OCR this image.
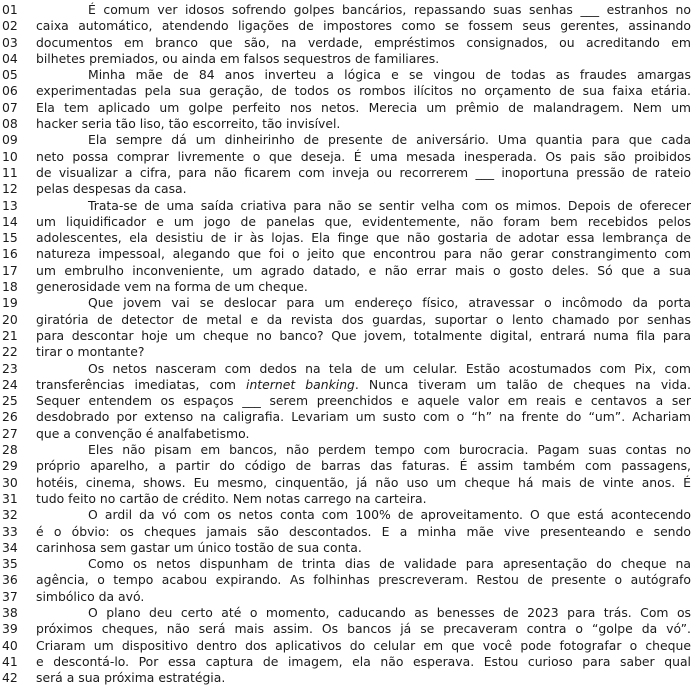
01	É comum ver idosos sofrendo golpes bancários, repassando suas senhas ___ estranhos no
02	caixa automático, atendendo ligações de impostores como se fossem seus gerentes, assinando
03	documentos em branco que são, na verdade, empréstimos consignados, ou acreditando em
04	bilhetes premiados, ou ainda em falsos sequestros de familiares.
05	Minha mãe de 84 anos inverteu a lógica e se vingou de todas as fraudes amargas
06	experimentadas pela sua geração, de todos os rombos ilícitos no orçamento de sua faixa etária.
07	Ela tem aplicado um golpe perfeito nos netos. Merecia um prêmio de malandragem. Nem um
08	hacker seria tão liso, tão escorreito, tão invisível.
09	Ela sempre dá um dinheirinho de presente de aniversário. Uma quantia para que cada
10	neto possa comprar livremente o que deseja. É uma mesada inesperada. Os pais são proibidos
11	de visualizar a cifra, para não ficarem com inveja ou recorrerem ___ inoportuna pressão de rateio
12	pelas despesas da casa.
13	Trata-se de uma saída criativa para não se sentir velha com os mimos. Depois de oferecer
14	um liquidificador e um jogo de panelas que, evidentemente, não foram bem recebidos pelos
15	adolescentes, ela desistiu de ir às lojas. Ela finge que não gostaria de adotar essa lembrança de
16	natureza impessoal, alegando que foi o jeito que encontrou para não gerar constrangimento com
17	um embrulho inconveniente, um agrado datado, e não errar mais o gosto deles. Só que a sua
18	generosidade vem na forma de um cheque.
19	Que jovem vai se deslocar para um endereço físico, atravessar o incômodo da porta
20	giratória de detector de metal e da revista dos guardas, suportar o lento chamado por senhas
21	para descontar hoje um cheque no banco? Que jovem, totalmente digital, entrará numa fila para
22	tirar o montante?
23	Os netos nasceram com dedos na tela de um celular. Estão acostumados com Pix, com
24	transferências imediatas, com internet banking. Nunca tiveram um talão de cheques na vida.
25	Sequer entendem os espaços ___ serem preenchidos e aquele valor em reais e centavos a ser
26	desdobrado por extenso na caligrafia. Levariam um susto com o “h” na frente do “um”. Achariam
27	que a convenção é analfabetismo.
28	Eles não pisam em bancos, não perdem tempo com burocracia. Pagam suas contas no
29	próprio aparelho, a partir do código de barras das faturas. É assim também com passagens,
30	hotéis, cinema, shows. Eu mesmo, cinquentão, já não uso um cheque há mais de vinte anos. É
31	tudo feito no cartão de crédito. Nem notas carrego na carteira.
32	O ardil da vó com os netos conta com 100% de aproveitamento. O que está acontecendo
33	é o óbvio: os cheques jamais são descontados. E a minha mãe vive presenteando e sendo
34	carinhosa sem gastar um único tostão de sua conta.
35	Como os netos dispunham de trinta dias de validade para apresentação do cheque na
36	agência, o tempo acabou expirando. As folhinhas prescreveram. Restou de presente o autógrafo
37	simbólico da avó.
38	O plano deu certo até o momento, caducando as benesses de 2023 para trás. Com os
39	próximos cheques, não será mais assim. Os bancos já se precaveram contra o “golpe da vó”.
40	Criaram um dispositivo dentro dos aplicativos do celular em que você pode fotografar o cheque
41	e descontá-lo. Por essa captura de imagem, ela não esperava. Estou curioso para saber qual
42	será a sua próxima estratégia.
